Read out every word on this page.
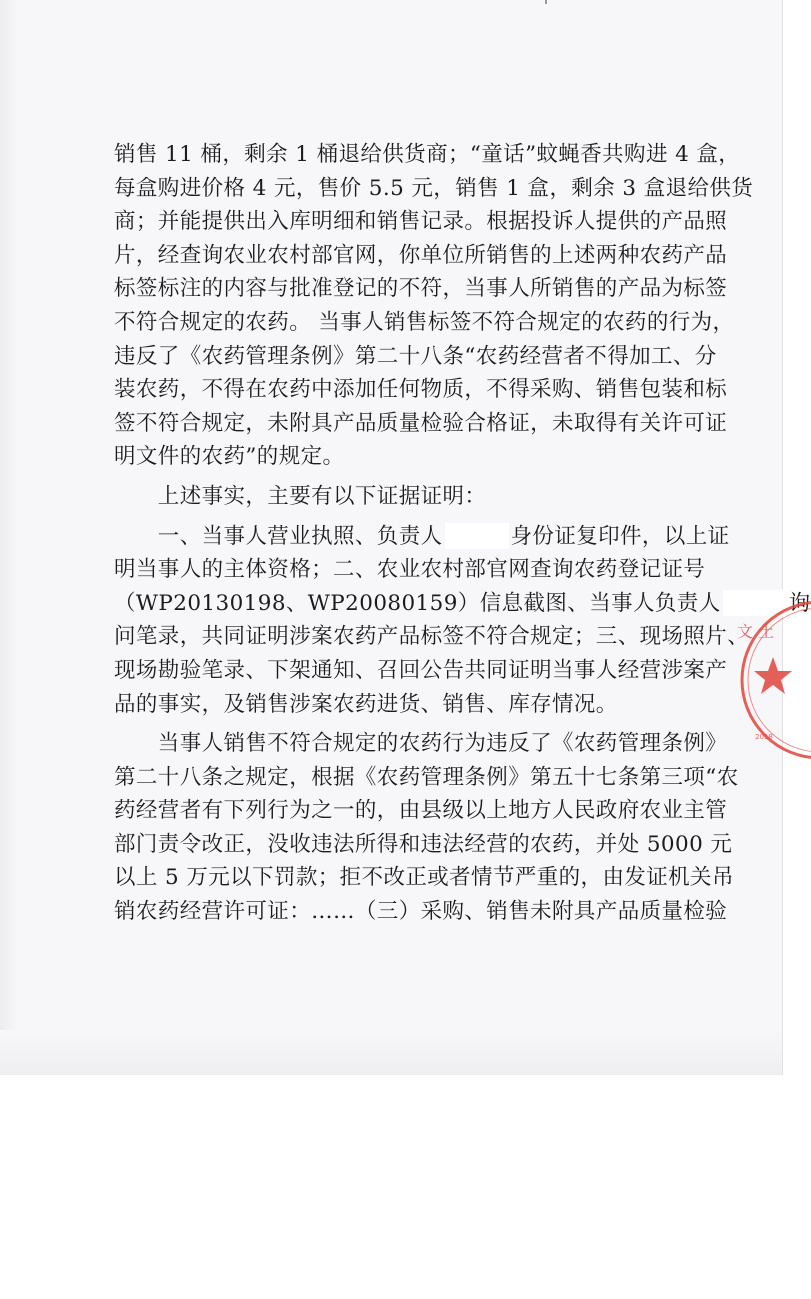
销售 11 桶，剩余 1 桶退给供货商；“童话”蚊蝇香共购进 4 盒，
每盒购进价格 4 元，售价 5.5 元，销售 1 盒，剩余 3 盒退给供货
商；并能提供出入库明细和销售记录。根据投诉人提供的产品照
片，经查询农业农村部官网，你单位所销售的上述两种农药产品
标签标注的内容与批准登记的不符，当事人所销售的产品为标签
不符合规定的农药。 当事人销售标签不符合规定的农药的行为，
违反了《农药管理条例》第二十八条“农药经营者不得加工、分
装农药，不得在农药中添加任何物质，不得采购、销售包装和标
签不符合规定，未附具产品质量检验合格证，未取得有关许可证
明文件的农药”的规定。
　　上述事实，主要有以下证据证明：
　　一、当事人营业执照、负责人	身份证复印件，以上证
明当事人的主体资格；二、农业农村部官网查询农药登记证号
（WP20130198、WP20080159）信息截图、当事人负责人	询
问笔录，共同证明涉案农药产品标签不符合规定；三、现场照片、
现场勘验笔录、下架通知、召回公告共同证明当事人经营涉案产
品的事实，及销售涉案农药进货、销售、库存情况。
　　当事人销售不符合规定的农药行为违反了《农药管理条例》
第二十八条之规定，根据《农药管理条例》第五十七条第三项“农
药经营者有下列行为之一的，由县级以上地方人民政府农业主管
部门责令改正，没收违法所得和违法经营的农药，并处 5000 元
以上 5 万元以下罚款；拒不改正或者情节严重的，由发证机关吊
销农药经营许可证：……（三）采购、销售未附具产品质量检验
文 土
2018
